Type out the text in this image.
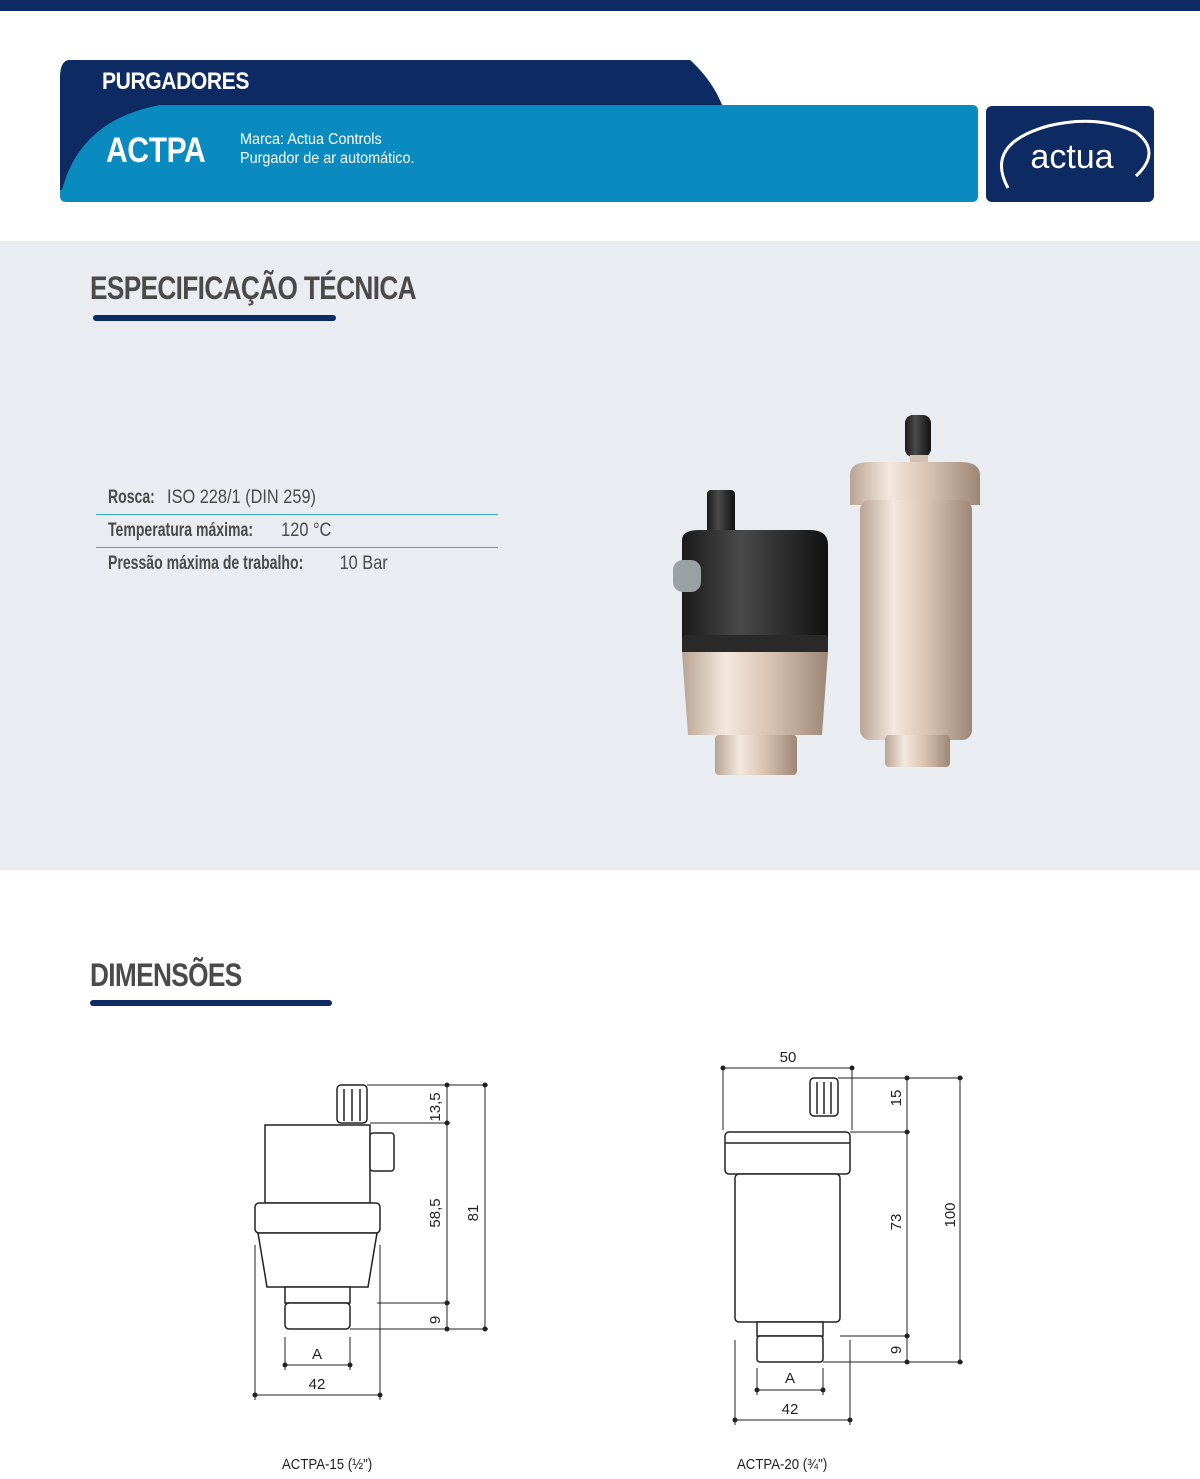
PURGADORES
ACTPA Marca: Actua Controls
Purgador de ar automático.	actua
ESPECIFICAÇÃO TÉCNICA
Rosca: ISO 228/1 (DIN 259)
Temperatura máxima: 120 °C
Pressão máxima de trabalho: 10 Bar
DIMENSÕES
13,5
58,5
9
81
A
42
ACTPA-15 (½")
50
15
73
9
100
A
42
ACTPA-20 (¾")
